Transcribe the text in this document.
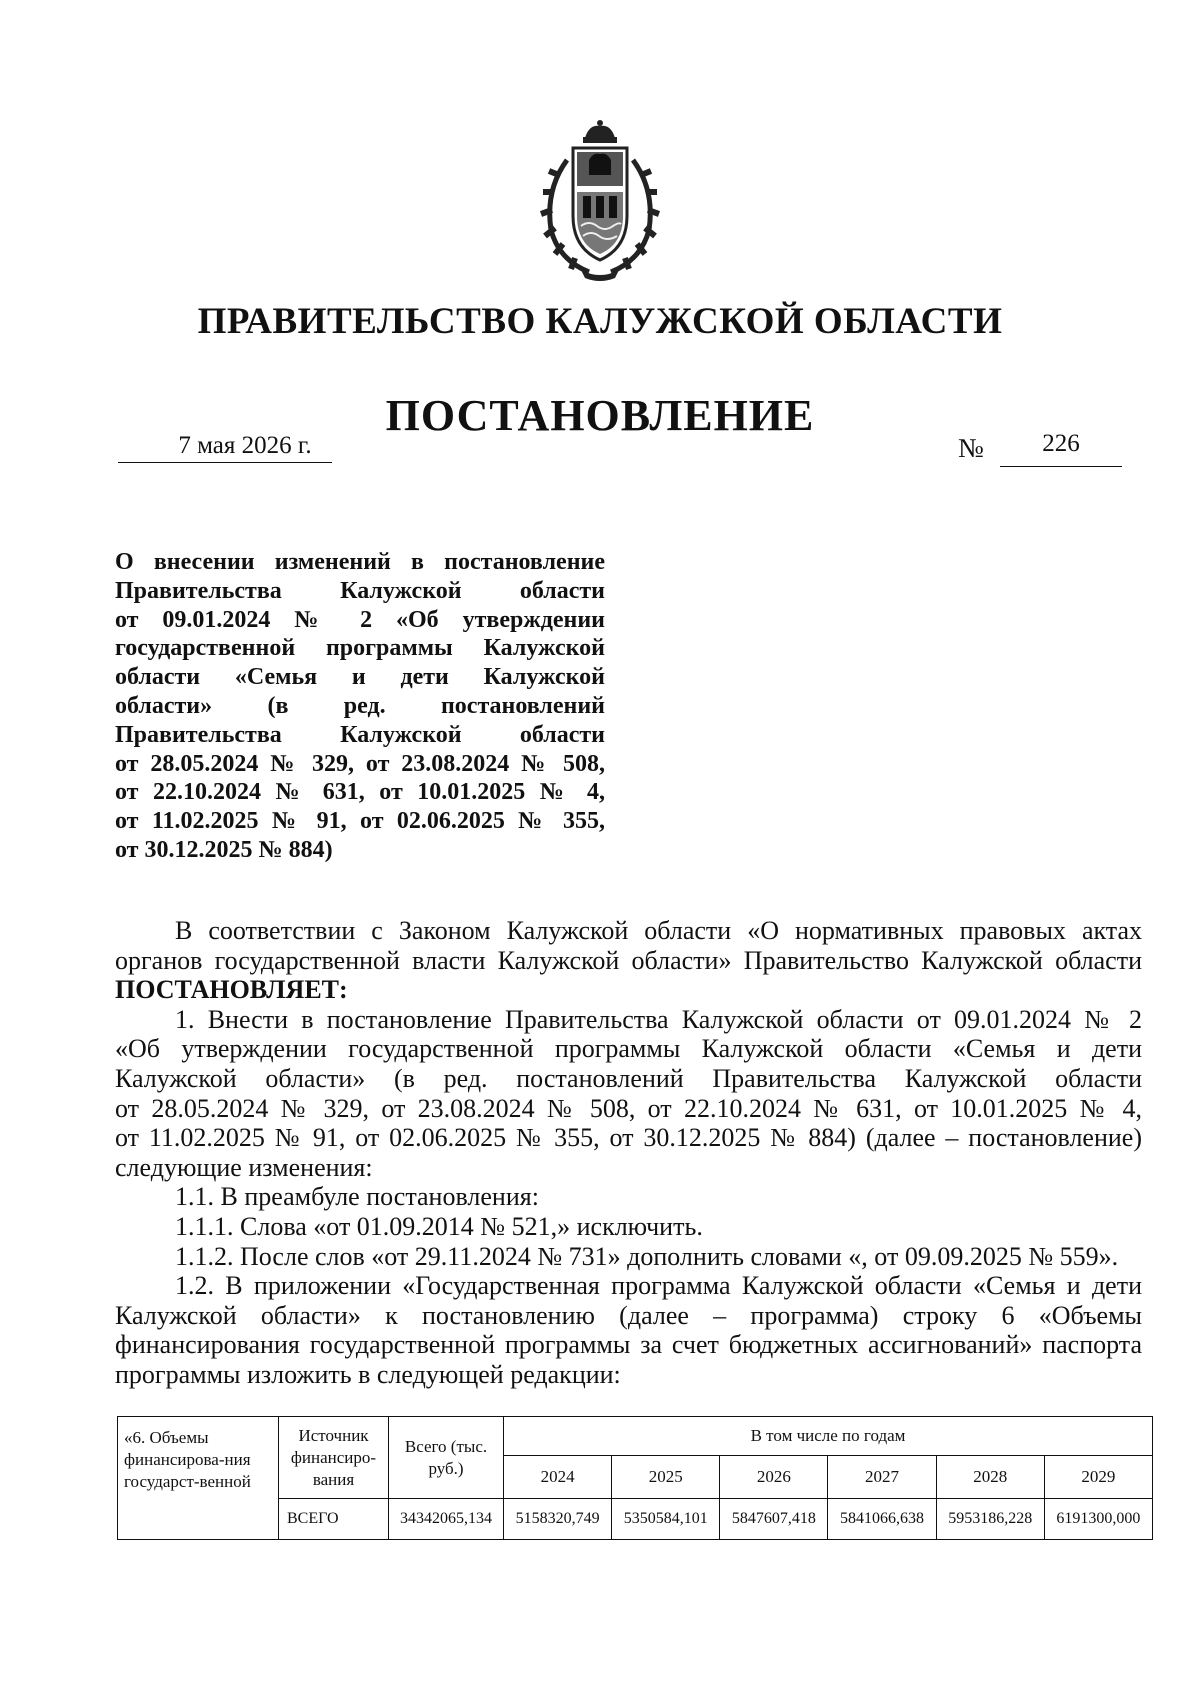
ПРАВИТЕЛЬСТВО КАЛУЖСКОЙ ОБЛАСТИ
ПОСТАНОВЛЕНИЕ
7 мая 2026 г.	№	226
О внесении изменений в постановление
Правительства Калужской области
от 09.01.2024 № 2 «Об утверждении
государственной программы Калужской
области «Семья и дети Калужской
области» (в ред. постановлений
Правительства Калужской области
от 28.05.2024 № 329, от 23.08.2024 № 508,
от 22.10.2024 № 631, от 10.01.2025 № 4,
от 11.02.2025 № 91, от 02.06.2025 № 355,
от 30.12.2025 № 884)
В соответствии с Законом Калужской области «О нормативных правовых актах
органов государственной власти Калужской области» Правительство Калужской области
ПОСТАНОВЛЯЕТ:
1. Внести в постановление Правительства Калужской области от 09.01.2024 № 2
«Об утверждении государственной программы Калужской области «Семья и дети
Калужской области» (в ред. постановлений Правительства Калужской области
от 28.05.2024 № 329, от 23.08.2024 № 508, от 22.10.2024 № 631, от 10.01.2025 № 4,
от 11.02.2025 № 91, от 02.06.2025 № 355, от 30.12.2025 № 884) (далее – постановление)
следующие изменения:
1.1. В преамбуле постановления:
1.1.1. Слова «от 01.09.2014 № 521,» исключить.
1.1.2. После слов «от 29.11.2024 № 731» дополнить словами «, от 09.09.2025 № 559».
1.2. В приложении «Государственная программа Калужской области «Семья и дети
Калужской области» к постановлению (далее – программа) строку 6 «Объемы
финансирования государственной программы за счет бюджетных ассигнований» паспорта
программы изложить в следующей редакции:
«6. Объемы финансирова-ния государст-венной	Источник финансиро-вания	Всего (тыс. руб.)	В том числе по годам					
			2024	2025	2026	2027	2028	2029
	ВСЕГО	34342065,134	5158320,749	5350584,101	5847607,418	5841066,638	5953186,228	6191300,000
